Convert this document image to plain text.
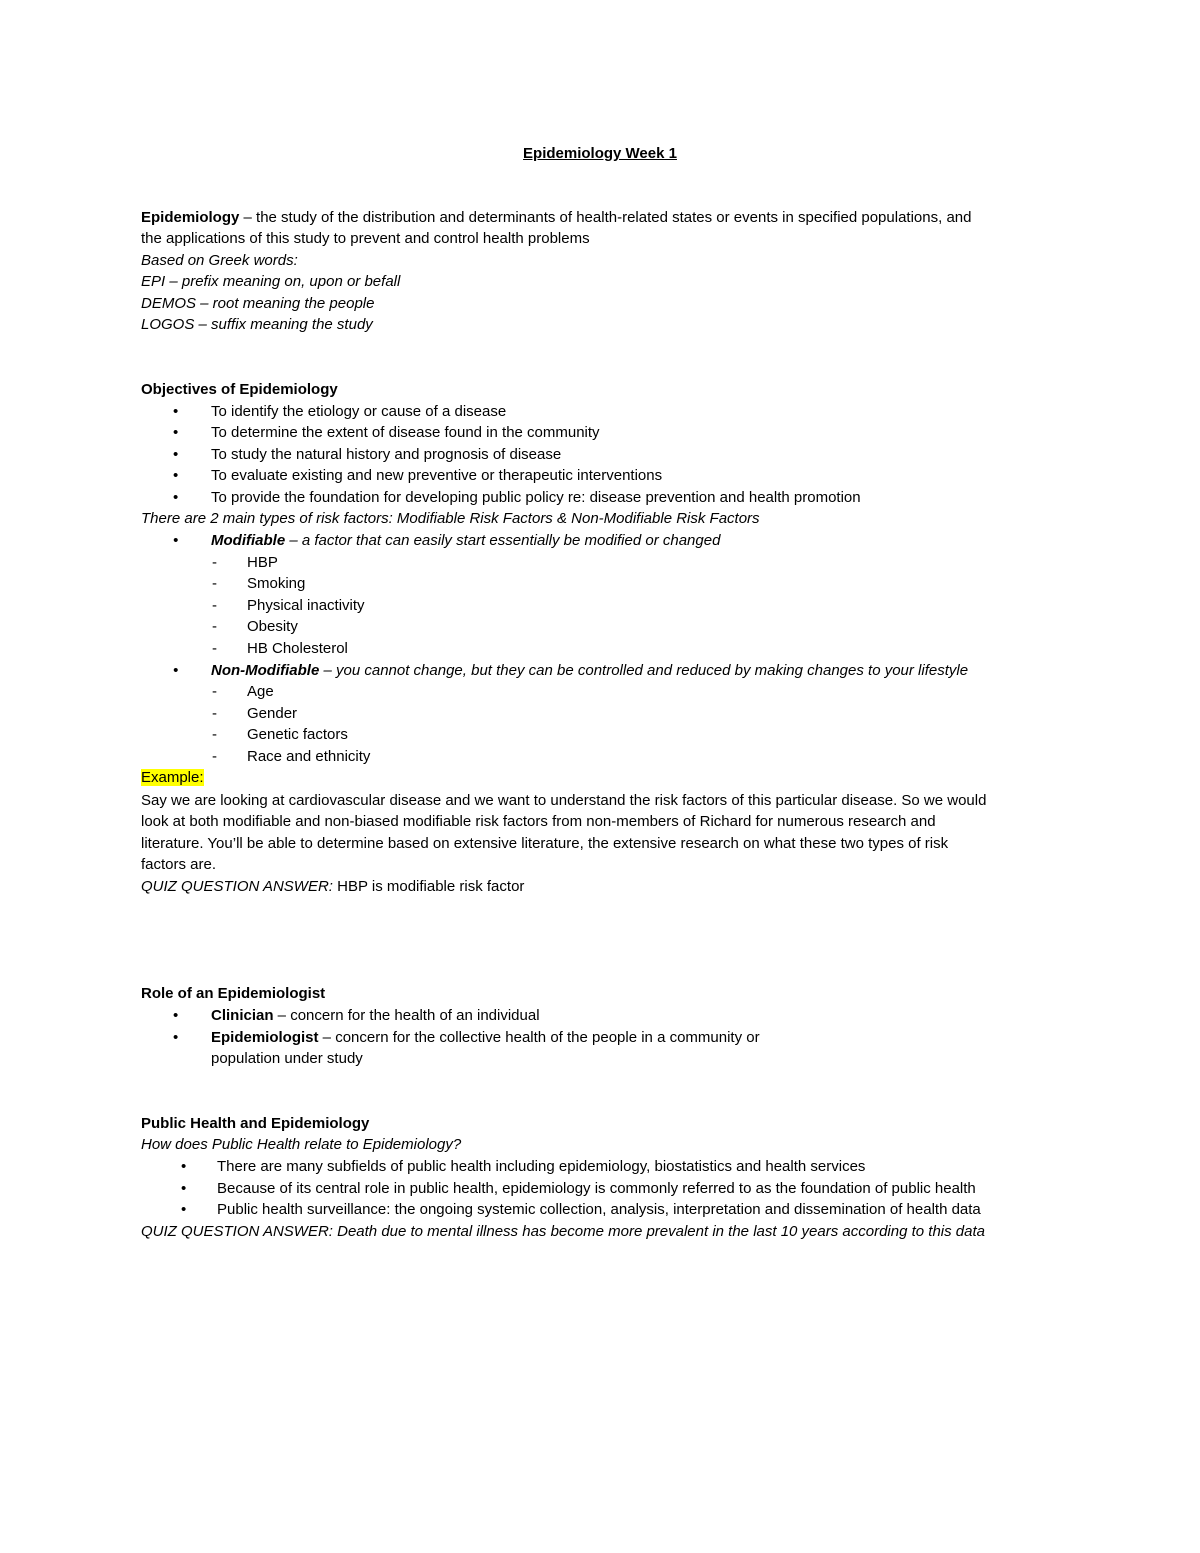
Epidemiology Week 1
Epidemiology – the study of the distribution and determinants of health-related states or events in specified populations, and
the applications of this study to prevent and control health problems
Based on Greek words:
EPI – prefix meaning on, upon or befall
DEMOS – root meaning the people
LOGOS – suffix meaning the study
Objectives of Epidemiology
• To identify the etiology or cause of a disease
• To determine the extent of disease found in the community
• To study the natural history and prognosis of disease
• To evaluate existing and new preventive or therapeutic interventions
• To provide the foundation for developing public policy re: disease prevention and health promotion
There are 2 main types of risk factors: Modifiable Risk Factors & Non-Modifiable Risk Factors
• Modifiable – a factor that can easily start essentially be modified or changed
- HBP
- Smoking
- Physical inactivity
- Obesity
- HB Cholesterol
• Non-Modifiable – you cannot change, but they can be controlled and reduced by making changes to your lifestyle
- Age
- Gender
- Genetic factors
- Race and ethnicity
Example:
Say we are looking at cardiovascular disease and we want to understand the risk factors of this particular disease. So we would
look at both modifiable and non-biased modifiable risk factors from non-members of Richard for numerous research and
literature. You’ll be able to determine based on extensive literature, the extensive research on what these two types of risk
factors are.
QUIZ QUESTION ANSWER: HBP is modifiable risk factor
Role of an Epidemiologist
• Clinician – concern for the health of an individual
• Epidemiologist – concern for the collective health of the people in a community or
population under study
Public Health and Epidemiology
How does Public Health relate to Epidemiology?
• There are many subfields of public health including epidemiology, biostatistics and health services
• Because of its central role in public health, epidemiology is commonly referred to as the foundation of public health
• Public health surveillance: the ongoing systemic collection, analysis, interpretation and dissemination of health data
QUIZ QUESTION ANSWER: Death due to mental illness has become more prevalent in the last 10 years according to this data
